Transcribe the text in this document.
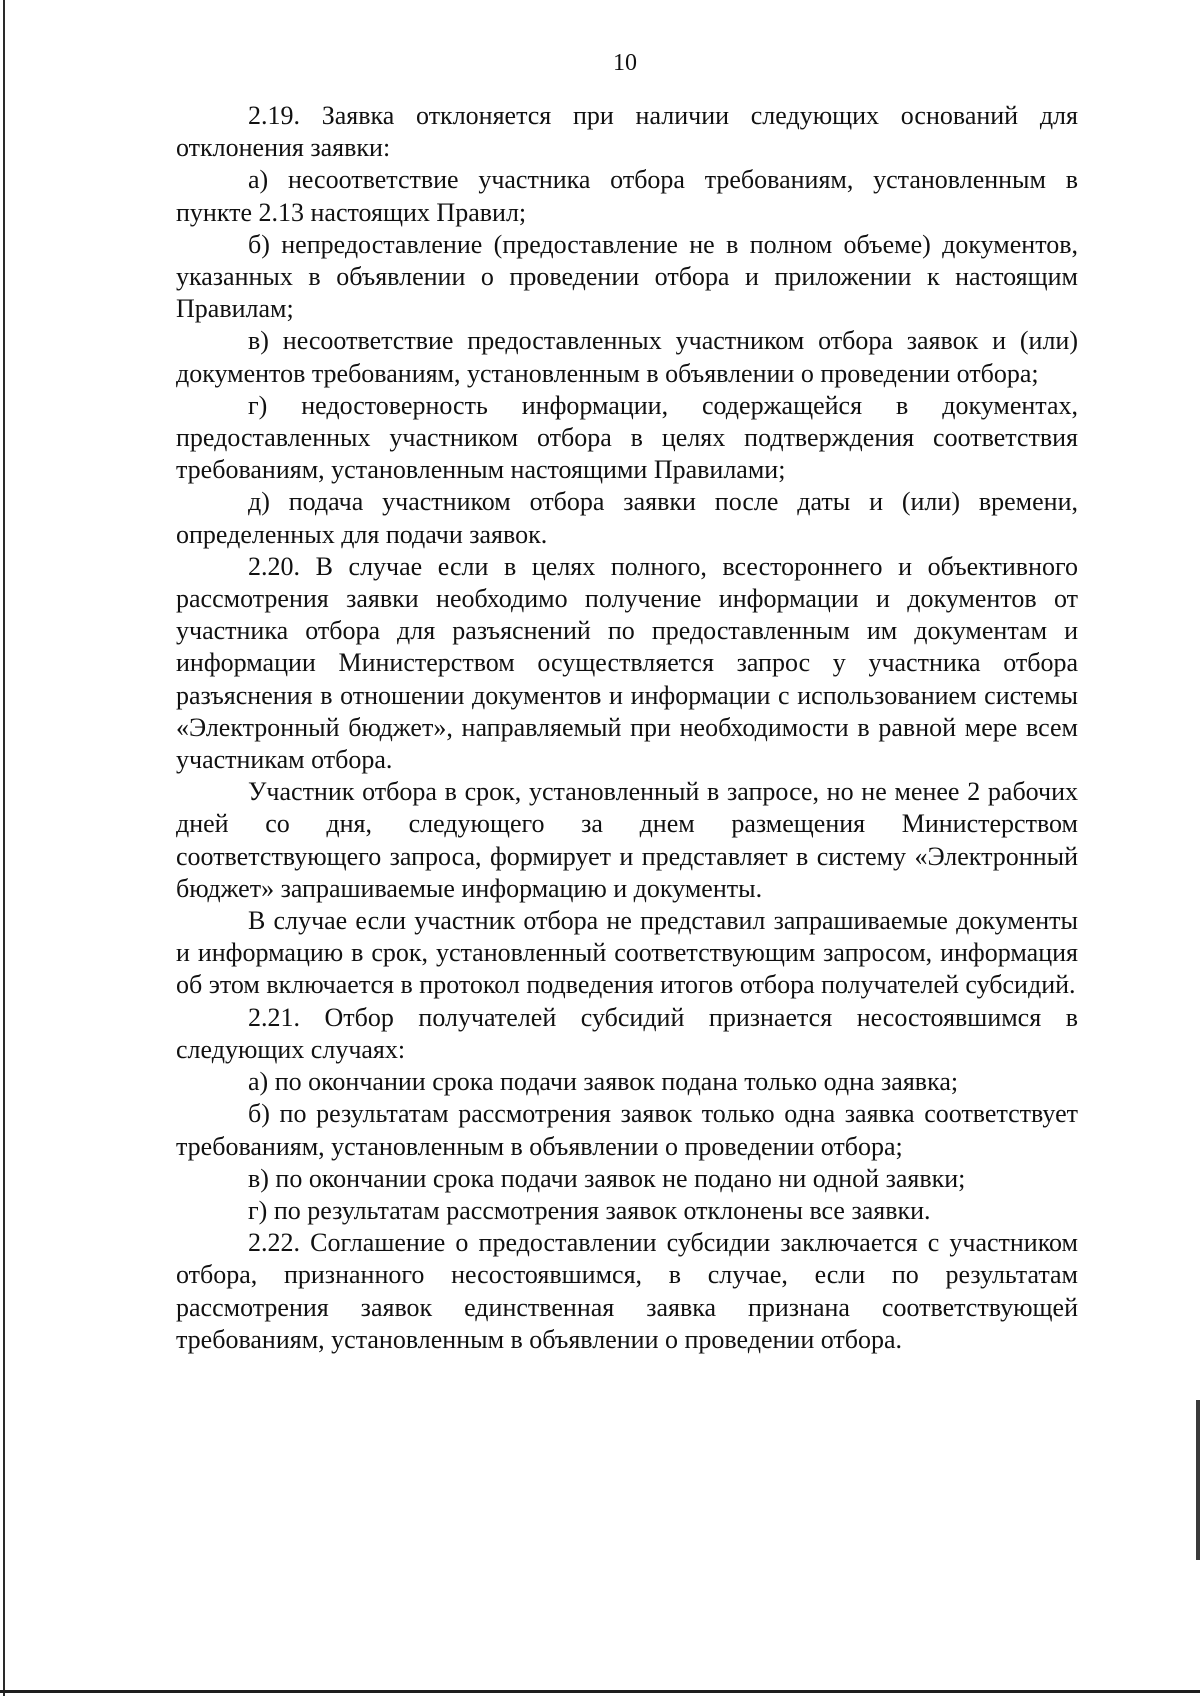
10

2.19. Заявка отклоняется при наличии следующих оснований для отклонения заявки:

а) несоответствие участника отбора требованиям, установленным в пункте 2.13 настоящих Правил;

б) непредоставление (предоставление не в полном объеме) документов, указанных в объявлении о проведении отбора и приложении к настоящим Правилам;

в) несоответствие предоставленных участником отбора заявок и (или) документов требованиям, установленным в объявлении о проведении отбора;

г) недостоверность информации, содержащейся в документах, предоставленных участником отбора в целях подтверждения соответствия требованиям, установленным настоящими Правилами;

д) подача участником отбора заявки после даты и (или) времени, определенных для подачи заявок.

2.20. В случае если в целях полного, всестороннего и объективного рассмотрения заявки необходимо получение информации и документов от участника отбора для разъяснений по предоставленным им документам и информации Министерством осуществляется запрос у участника отбора разъяснения в отношении документов и информации с использованием системы «Электронный бюджет», направляемый при необходимости в равной мере всем участникам отбора.

Участник отбора в срок, установленный в запросе, но не менее 2 рабочих дней со дня, следующего за днем размещения Министерством соответствующего запроса, формирует и представляет в систему «Электронный бюджет» запрашиваемые информацию и документы.

В случае если участник отбора не представил запрашиваемые документы и информацию в срок, установленный соответствующим запросом, информация об этом включается в протокол подведения итогов отбора получателей субсидий.

2.21. Отбор получателей субсидий признается несостоявшимся в следующих случаях:

а) по окончании срока подачи заявок подана только одна заявка;

б) по результатам рассмотрения заявок только одна заявка соответствует требованиям, установленным в объявлении о проведении отбора;

в) по окончании срока подачи заявок не подано ни одной заявки;

г) по результатам рассмотрения заявок отклонены все заявки.

2.22. Соглашение о предоставлении субсидии заключается с участником отбора, признанного несостоявшимся, в случае, если по результатам рассмотрения заявок единственная заявка признана соответствующей требованиям, установленным в объявлении о проведении отбора.
